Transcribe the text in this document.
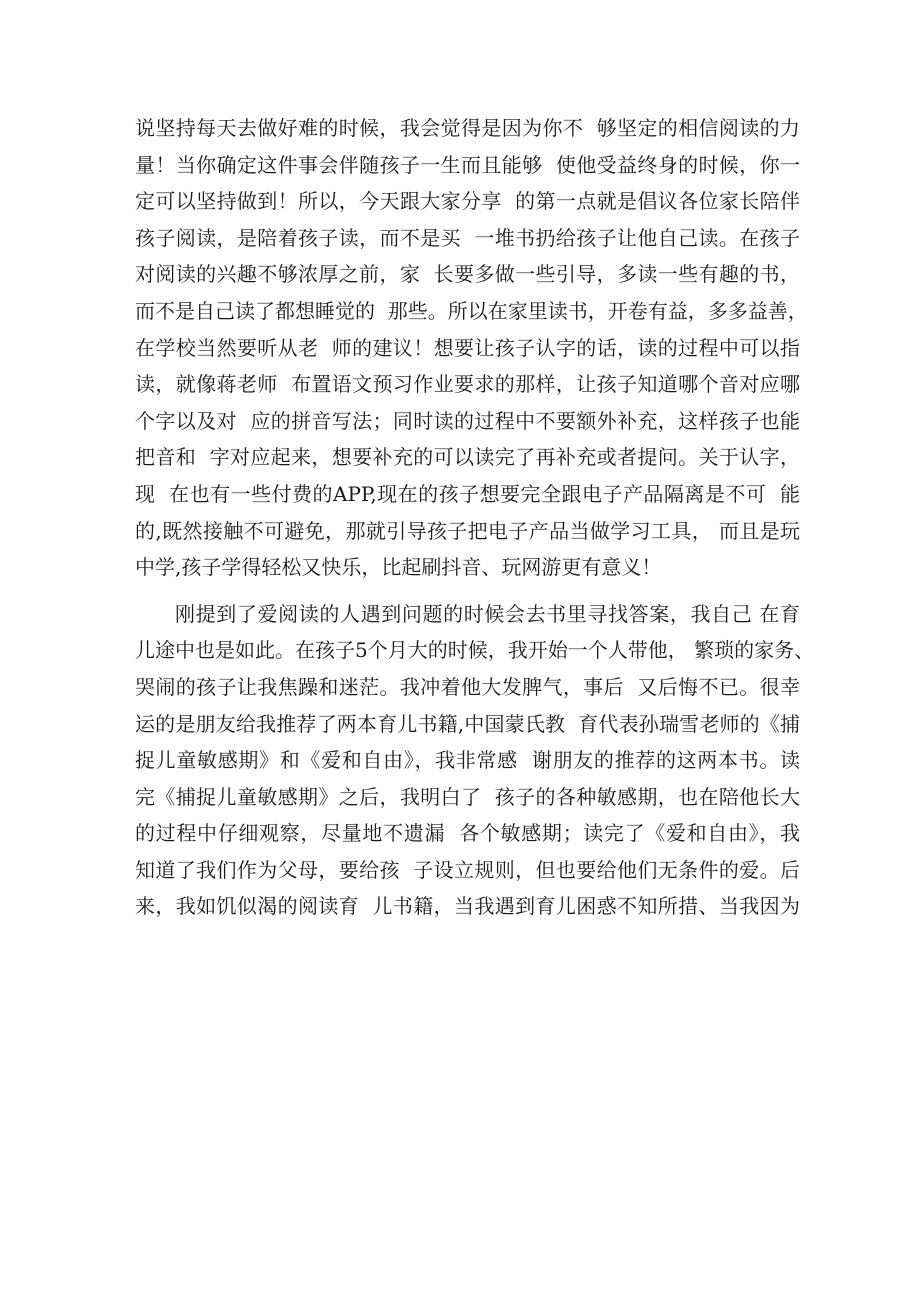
说坚持每天去做好难的时候，我会觉得是因为你不  够坚定的相信阅读的力
量！当你确定这件事会伴随孩子一生而且能够  使他受益终身的时候，你一
定可以坚持做到！所以，今天跟大家分享  的第一点就是倡议各位家长陪伴
孩子阅读，是陪着孩子读，而不是买  一堆书扔给孩子让他自己读。在孩子
对阅读的兴趣不够浓厚之前，家  长要多做一些引导，多读一些有趣的书，
而不是自己读了都想睡觉的  那些。所以在家里读书，开卷有益，多多益善，
在学校当然要听从老  师的建议！想要让孩子认字的话，读的过程中可以指
读，就像蒋老师  布置语文预习作业要求的那样，让孩子知道哪个音对应哪
个字以及对  应的拼音写法；同时读的过程中不要额外补充，这样孩子也能
把音和  字对应起来，想要补充的可以读完了再补充或者提问。关于认字，
现  在也有一些付费的APP,现在的孩子想要完全跟电子产品隔离是不可  能
的,既然接触不可避免，那就引导孩子把电子产品当做学习工具， 而且是玩
中学,孩子学得轻松又快乐，比起刷抖音、玩网游更有意义！
刚提到了爱阅读的人遇到问题的时候会去书里寻找答案，我自己 在育
儿途中也是如此。在孩子5个月大的时候，我开始一个人带他， 繁琐的家务、
哭闹的孩子让我焦躁和迷茫。我冲着他大发脾气，事后  又后悔不已。很幸
运的是朋友给我推荐了两本育儿书籍,中国蒙氏教  育代表孙瑞雪老师的《捕
捉儿童敏感期》和《爱和自由》，我非常感  谢朋友的推荐的这两本书。读
完《捕捉儿童敏感期》之后，我明白了  孩子的各种敏感期，也在陪他长大
的过程中仔细观察，尽量地不遗漏  各个敏感期；读完了《爱和自由》，我
知道了我们作为父母，要给孩  子设立规则，但也要给他们无条件的爱。后
来，我如饥似渴的阅读育  儿书籍，当我遇到育儿困惑不知所措、当我因为
